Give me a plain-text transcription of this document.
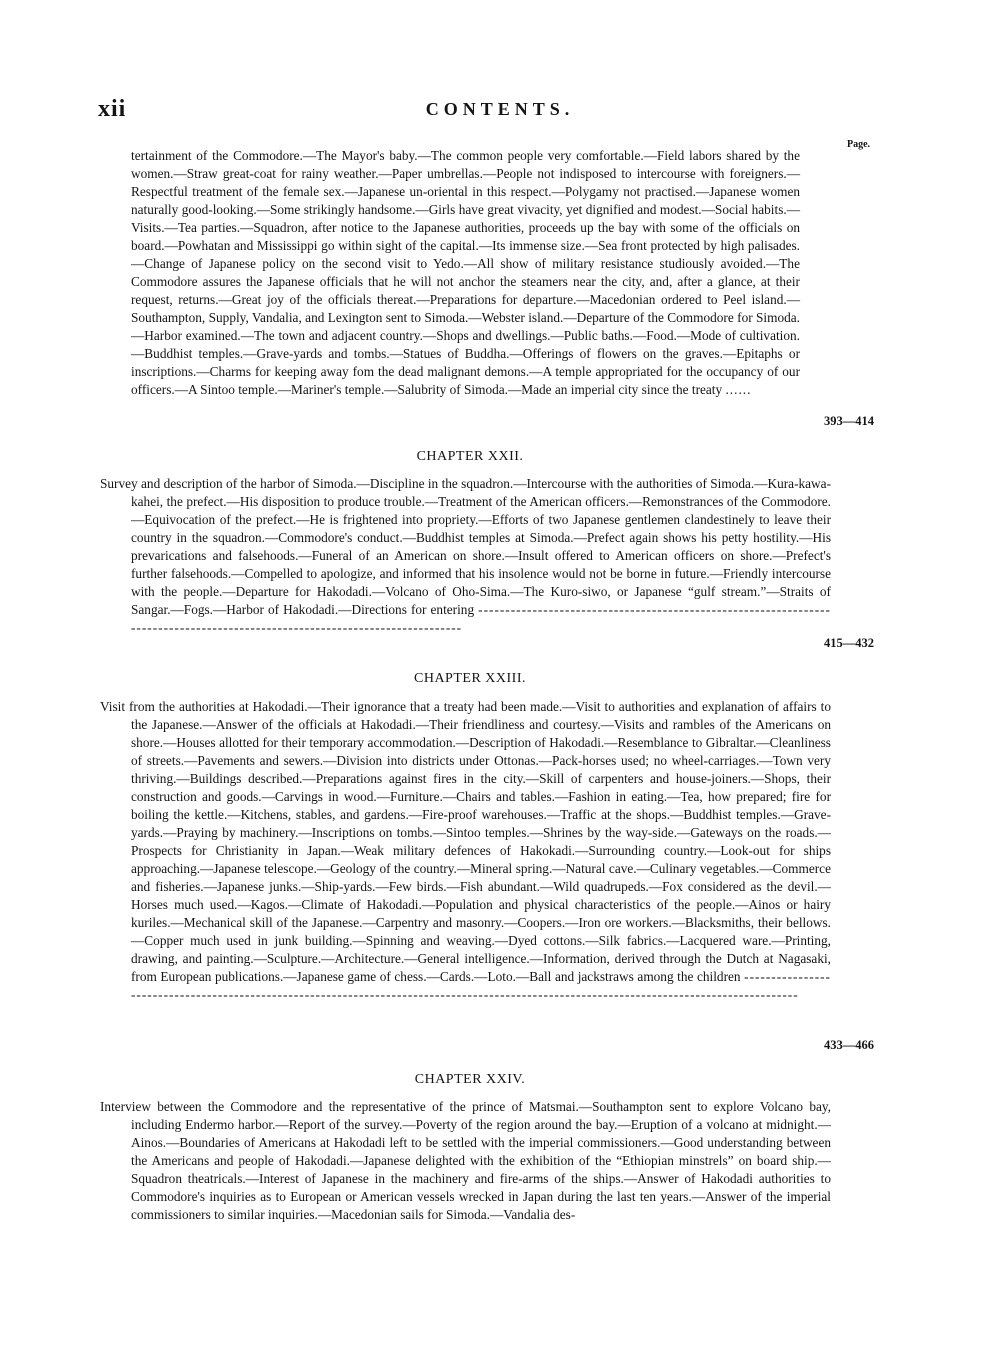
xii	CONTENTS.
Page.
tertainment of the Commodore.—The Mayor's baby.—The common people very comfortable.—Field labors shared by the women.—Straw great-coat for rainy weather.—Paper umbrellas.—People not indisposed to intercourse with foreigners.—Respectful treatment of the female sex.—Japanese un-oriental in this respect.—Polygamy not practised.—Japanese women naturally good-looking.—Some strikingly handsome.—Girls have great vivacity, yet dignified and modest.—Social habits.—Visits.—Tea parties.—Squadron, after notice to the Japanese authorities, proceeds up the bay with some of the officials on board.—Powhatan and Mississippi go within sight of the capital.—Its immense size.—Sea front protected by high palisades.—Change of Japanese policy on the second visit to Yedo.—All show of military resistance studiously avoided.—The Commodore assures the Japanese officials that he will not anchor the steamers near the city, and, after a glance, at their request, returns.—Great joy of the officials thereat.—Preparations for departure.—Macedonian ordered to Peel island.—Southampton, Supply, Vandalia, and Lexington sent to Simoda.—Webster island.—Departure of the Commodore for Simoda.—Harbor examined.—The town and adjacent country.—Shops and dwellings.—Public baths.—Food.—Mode of cultivation. —Buddhist temples.—Grave-yards and tombs.—Statues of Buddha.—Offerings of flowers on the graves.—Epitaphs or inscriptions.—Charms for keeping away fom the dead malignant demons.—A temple appropriated for the occupancy of our officers.—A Sintoo temple.—Mariner's temple.—Salubrity of Simoda.—Made an imperial city since the treaty ......
393—414
CHAPTER XXII.
Survey and description of the harbor of Simoda.—Discipline in the squadron.—Intercourse with the authorities of Simoda.—Kura-kawa-kahei, the prefect.—His disposition to produce trouble.—Treatment of the American officers.—Remonstrances of the Commodore.—Equivocation of the prefect.—He is frightened into propriety.—Efforts of two Japanese gentlemen clandestinely to leave their country in the squadron.—Commodore's conduct.—Buddhist temples at Simoda.—Prefect again shows his petty hostility.—His prevarications and falsehoods.—Funeral of an American on shore.—Insult offered to American officers on shore.—Prefect's further falsehoods.—Compelled to apologize, and informed that his insolence would not be borne in future.—Friendly intercourse with the people.—Departure for Hakodadi.—Volcano of Oho-Sima.—The Kuro-siwo, or Japanese “gulf stream.”—Straits of Sangar.—Fogs.—Harbor of Hakodadi.—Directions for entering ------------------------------------------------------------------------------------------------------------------------------
415—432
CHAPTER XXIII.
Visit from the authorities at Hakodadi.—Their ignorance that a treaty had been made.—Visit to authorities and explanation of affairs to the Japanese.—Answer of the officials at Hakodadi.—Their friendliness and courtesy.—Visits and rambles of the Americans on shore.—Houses allotted for their temporary accommodation.—Description of Hakodadi.—Resemblance to Gibraltar.—Cleanliness of streets.—Pavements and sewers.—Division into districts under Ottonas.—Pack-horses used; no wheel-carriages.—Town very thriving.—Buildings described.—Preparations against fires in the city.—Skill of carpenters and house-joiners.—Shops, their construction and goods.—Carvings in wood.—Furniture.—Chairs and tables.—Fashion in eating.—Tea, how prepared; fire for boiling the kettle.—Kitchens, stables, and gardens.—Fire-proof warehouses.—Traffic at the shops.—Buddhist temples.—Grave-yards.—Praying by machinery.—Inscriptions on tombs.—Sintoo temples.—Shrines by the way-side.—Gateways on the roads.—Prospects for Christianity in Japan.—Weak military defences of Hakokadi.—Surrounding country.—Look-out for ships approaching.—Japanese telescope.—Geology of the country.—Mineral spring.—Natural cave.—Culinary vegetables.—Commerce and fisheries.—Japanese junks.—Ship-yards.—Few birds.—Fish abundant.—Wild quadrupeds.—Fox considered as the devil.—Horses much used.—Kagos.—Climate of Hakodadi.—Population and physical characteristics of the people.—Ainos or hairy kuriles.—Mechanical skill of the Japanese.—Carpentry and masonry.—Coopers.—Iron ore workers.—Blacksmiths, their bellows.—Copper much used in junk building.—Spinning and weaving.—Dyed cottons.—Silk fabrics.—Lacquered ware.—Printing, drawing, and painting.—Sculpture.—Architecture.—General intelligence.—Information, derived through the Dutch at Nagasaki, from European publications.—Japanese game of chess.—Cards.—Loto.—Ball and jackstraws among the children -------------------------------------------------------------------------------------------------------------------------------------------
433—466
CHAPTER XXIV.
Interview between the Commodore and the representative of the prince of Matsmai.—Southampton sent to explore Volcano bay, including Endermo harbor.—Report of the survey.—Poverty of the region around the bay.—Eruption of a volcano at midnight.—Ainos.—Boundaries of Americans at Hakodadi left to be settled with the imperial commissioners.—Good understanding between the Americans and people of Hakodadi.—Japanese delighted with the exhibition of the “Ethiopian minstrels” on board ship.—Squadron theatricals.—Interest of Japanese in the machinery and fire-arms of the ships.—Answer of Hakodadi authorities to Commodore's inquiries as to European or American vessels wrecked in Japan during the last ten years.—Answer of the imperial commissioners to similar inquiries.—Macedonian sails for Simoda.—Vandalia des-
